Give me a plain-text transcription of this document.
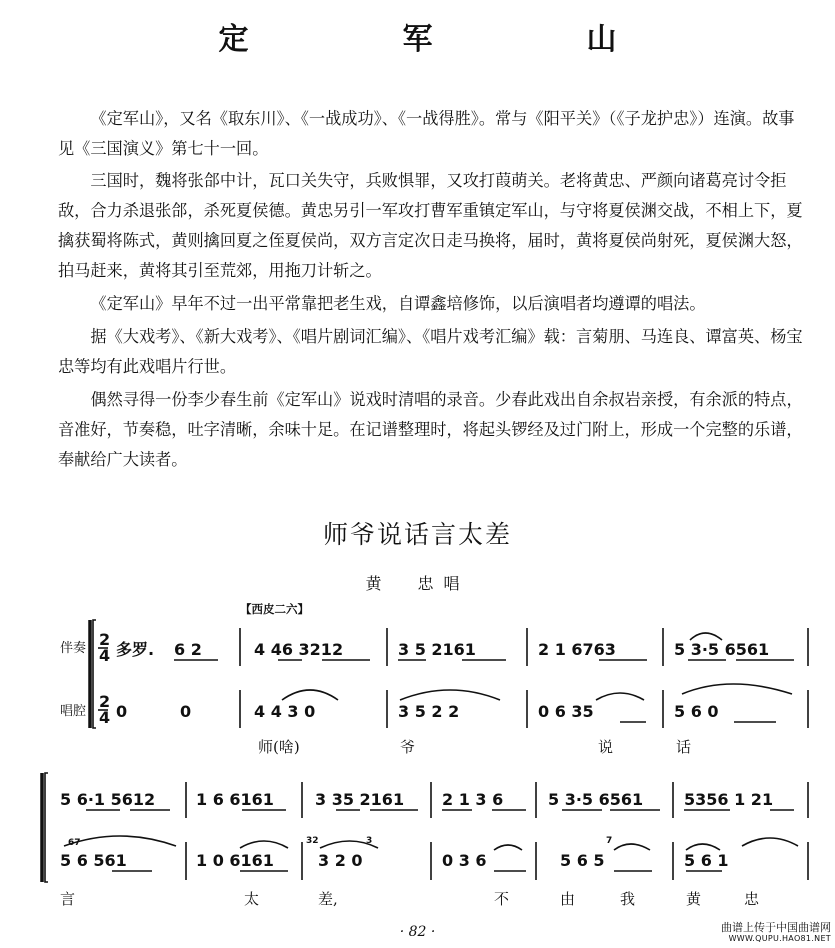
定　军　山

《定军山》，又名《取东川》、《一战成功》、《一战得胜》。常与《阳平关》（《子龙护忠》）连演。故事见《三国演义》第七十一回。

三国时，魏将张郃中计，瓦口关失守，兵败惧罪，又攻打葭萌关。老将黄忠、严颜向诸葛亮讨令拒敌，合力杀退张郃，杀死夏侯德。黄忠另引一军攻打曹军重镇定军山，与守将夏侯渊交战，不相上下，夏擒获蜀将陈式，黄则擒回夏之侄夏侯尚，双方言定次日走马换将，届时，黄将夏侯尚射死，夏侯渊大怒，拍马赶来，黄将其引至荒郊，用拖刀计斩之。

《定军山》早年不过一出平常靠把老生戏，自谭鑫培修饰，以后演唱者均遵谭的唱法。

据《大戏考》、《新大戏考》、《唱片剧词汇编》、《唱片戏考汇编》载：言菊朋、马连良、谭富英、杨宝忠等均有此戏唱片行世。

偶然寻得一份李少春生前《定军山》说戏时清唱的录音。少春此戏出自余叔岩亲授，有余派的特点，音准好，节奏稳，吐字清晰，余味十足。在记谱整理时，将起头锣经及过门附上，形成一个完整的乐谱，奉献给广大读者。

师爷说话言太差
黄　忠唱
【西皮二六】
伴奏
唱腔
2
4 多罗. 6 2	4 46 3212	3 5 2161	2 1 6763	5 3·5 6561
2
4 0	0	4 4 3 0	3 5 2 2	0 6 35	5 6 0
师(啥)	爷	说	话
5 6·1 5612	1 6 6161	3 35 2161 2 1 3 6	5 3·5 6561	5356 1 21
67
5 6 561	1 0 6161
32	3
3 2 0	0 3 6
7
5 6 5	5 6 1
言	太	差,	不	由	我	黄	忠
· 82 ·	曲谱上传于中国曲谱网
WWW.QUPU.HAO81.NET
